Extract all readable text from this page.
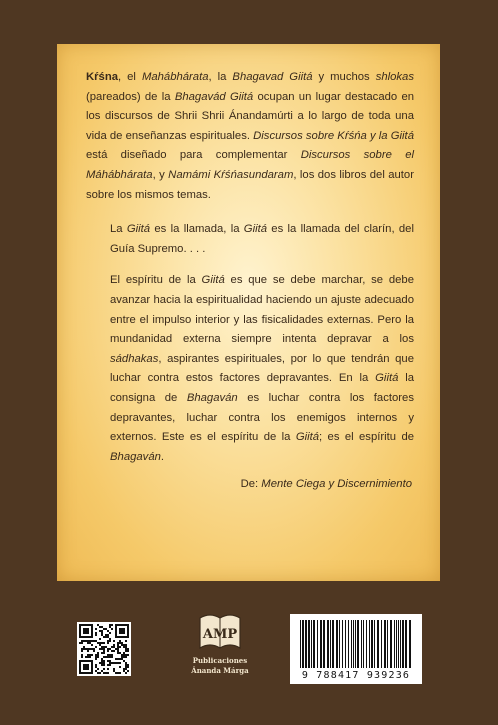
Kŕśna, el Mahábhárata, la Bhagavad Giitá y muchos shlokas (pareados) de la Bhagavád Giitá ocupan un lugar destacado en los discursos de Shrii Shrii Ánandamúrti a lo largo de toda una vida de enseñanzas espirituales. Discursos sobre Kŕśńa y la Giitá está diseñado para complementar Discursos sobre el Máhábhárata, y Namámi Kŕśńasundaram, los dos libros del autor sobre los mismos temas.

La Giitá es la llamada, la Giitá es la llamada del clarín, del Guía Supremo. . . .

El espíritu de la Giitá es que se debe marchar, se debe avanzar hacia la espiritualidad haciendo un ajuste adecuado entre el impulso interior y las fisicalidades externas. Pero la mundanidad externa siempre intenta depravar a los sádhakas, aspirantes espirituales, por lo que tendrán que luchar contra estos factores depravantes. En la Giitá la consigna de Bhagaván es luchar contra los factores depravantes, luchar contra los enemigos internos y externos. Este es el espíritu de la Giitá; es el espíritu de Bhagaván.

De: Mente Ciega y Discernimiento

AMP
Publicaciones
Ánanda Márga	9 788417 939236
